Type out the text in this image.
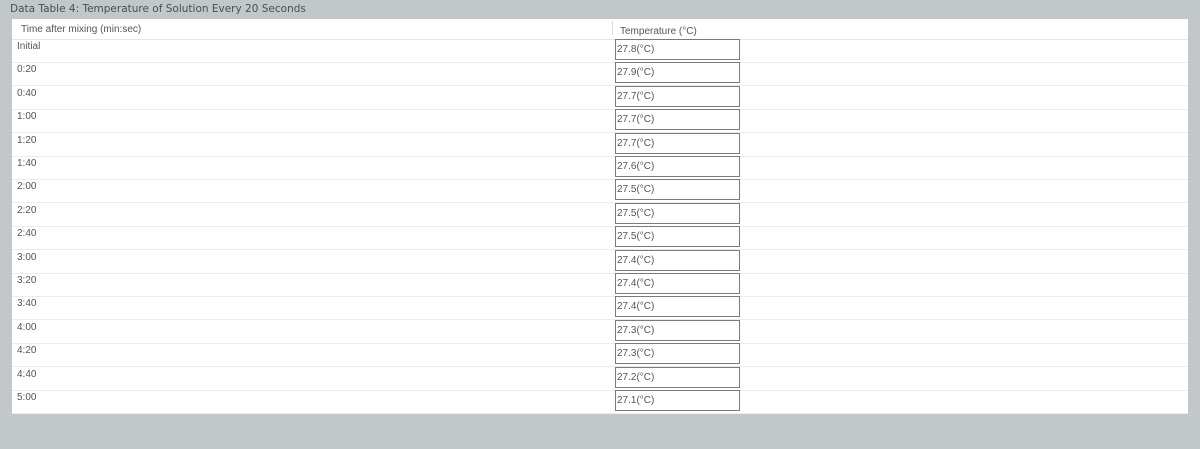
Data Table 4: Temperature of Solution Every 20 Seconds
Time after mixing (min:sec)	Temperature (°C)
Initial
27.8(°C)
0:20
27.9(°C)
0:40
27.7(°C)
1:00
27.7(°C)
1:20
27.7(°C)
1:40
27.6(°C)
2:00
27.5(°C)
2:20
27.5(°C)
2:40
27.5(°C)
3:00
27.4(°C)
3:20
27.4(°C)
3:40
27.4(°C)
4:00
27.3(°C)
4:20
27.3(°C)
4:40
27.2(°C)
5:00
27.1(°C)
